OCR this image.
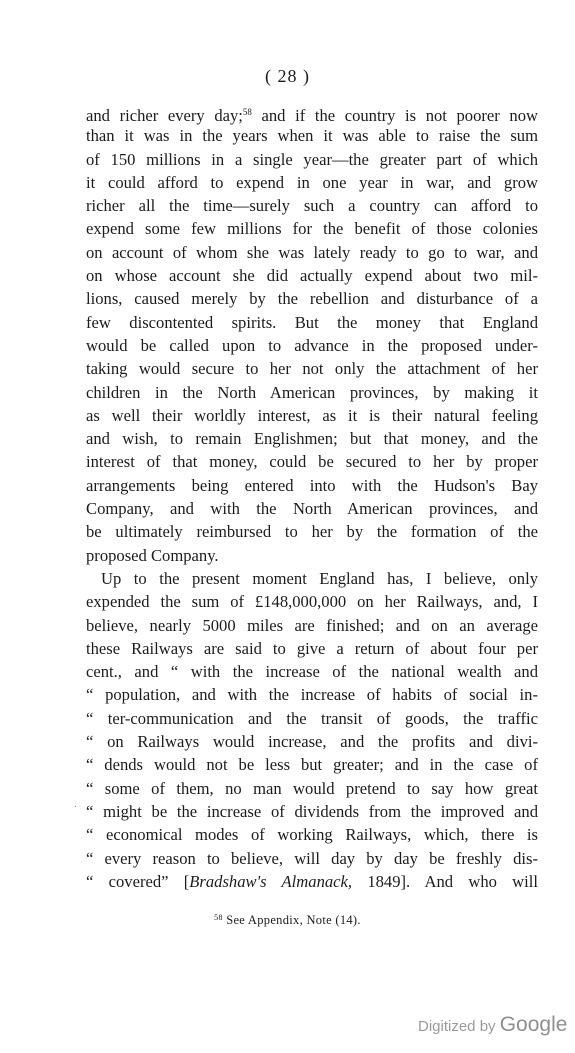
( 28 )
and richer every day;$^{58}$ and if the country is not poorer now
than it was in the years when it was able to raise the sum
of 150 millions in a single year—the greater part of which
it could afford to expend in one year in war, and grow
richer all the time—surely such a country can afford to
expend some few millions for the benefit of those colonies
on account of whom she was lately ready to go to war, and
on whose account she did actually expend about two mil-
lions, caused merely by the rebellion and disturbance of a
few discontented spirits. But the money that England
would be called upon to advance in the proposed under-
taking would secure to her not only the attachment of her
children in the North American provinces, by making it
as well their worldly interest, as it is their natural feeling
and wish, to remain Englishmen; but that money, and the
interest of that money, could be secured to her by proper
arrangements being entered into with the Hudson's Bay
Company, and with the North American provinces, and
be ultimately reimbursed to her by the formation of the
proposed Company.
Up to the present moment England has, I believe, only
expended the sum of £148,000,000 on her Railways, and, I
believe, nearly 5000 miles are finished; and on an average
these Railways are said to give a return of about four per
cent., and “ with the increase of the national wealth and
“ population, and with the increase of habits of social in-
“ ter-communication and the transit of goods, the traffic
“ on Railways would increase, and the profits and divi-
“ dends would not be less but greater; and in the case of
“ some of them, no man would pretend to say how great
“ might be the increase of dividends from the improved and
“ economical modes of working Railways, which, there is
“ every reason to believe, will day by day be freshly dis-
“ covered” [Bradshaw's Almanack, 1849]. And who will
.
$^{58}$ See Appendix, Note (14).
Digitized by Google
